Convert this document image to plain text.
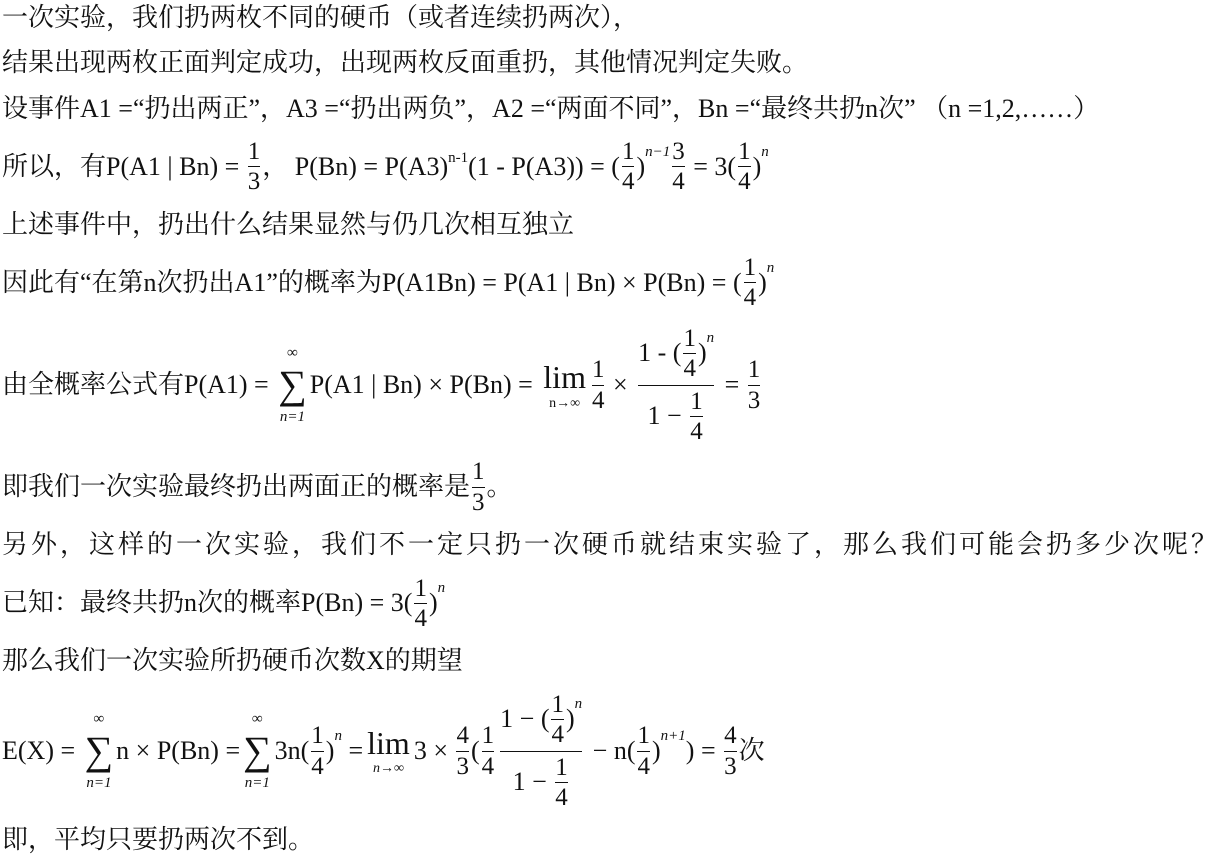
一次实验，我们扔两枚不同的硬币（或者连续扔两次），
结果出现两枚正面判定成功，出现两枚反面重扔，其他情况判定失败。
设事件A1 =“扔出两正”，A3 =“扔出两负”，A2 =“两面不同”，Bn =“最终共扔n次” （n =1,2,……）
所以，有P(A1 | $Bn) = \frac{1}{3}$ ， P(Bn) = P(A3) n-1 (1 - P(A3)) = ( $\frac{1}{4}$ ) $n-1 \frac{3}{4} = 3( \frac{1}{4}$ ) n
上述事件中，扔出什么结果显然与仍几次相互独立
因此有“在第n次扔出A1”的概率为P(A1Bn) = P(A1 | Bn) × P(Bn) = ( $\frac{1}{4}$ ) n
由全概率公式有P(A1) =
∞
∑
n=1
P(A1 | Bn) × P(Bn) = lim
$n\to\infty \frac{1}{4}$ ×
1 - ( $\frac{1}{4}$ ) n
$1 - \frac{1}{4}$
= $\frac{1}{3}$
即我们一次实验最终扔出两面正的概率是 $\frac{1}{3}$ 。
另外，这样的一次实验，我们不一定只扔一次硬币就结束实验了，那么我们可能会扔多少次呢？
已知：最终共扔n次的概率$P(Bn) = 3( \frac{1}{4}$ ) n
那么我们一次实验所扔硬币次数X的期望
E(X) =
∞
∑
n=1
n × P(Bn) =
∞
∑
n=1
$3n( \frac{1}{4}$ ) n = lim
n→∞
$3 \times \frac{4}{3}$ ( $\frac{1}{4}$
1 − ( $\frac{1}{4}$ ) n
$1 - \frac{1}{4}$
− $n( \frac{1}{4}$ ) n+1 ) = $\frac{4}{3}$ 次
即，平均只要扔两次不到。
